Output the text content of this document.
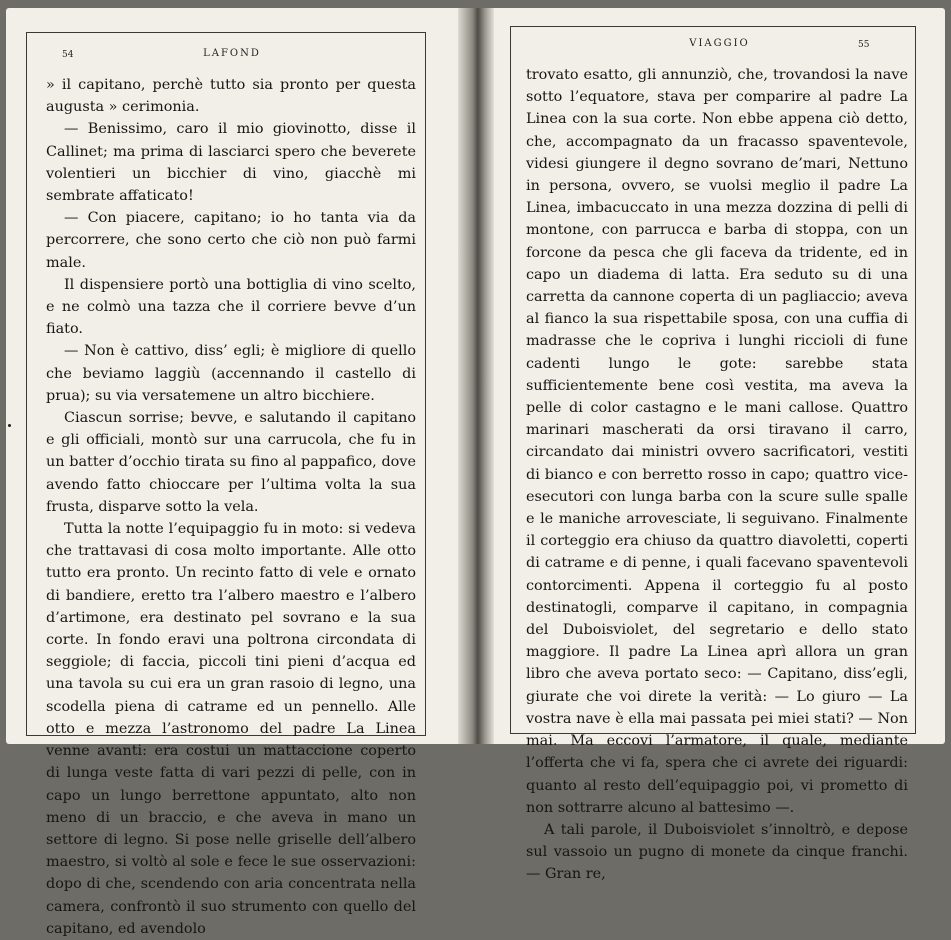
54	LAFOND

» il capitano, perchè tutto sia pronto per questa augusta » cerimonia.

— Benissimo, caro il mio giovinotto, disse il Callinet; ma prima di lasciarci spero che beverete volentieri un bicchier di vino, giacchè mi sembrate affaticato!

— Con piacere, capitano; io ho tanta via da percorrere, che sono certo che ciò non può farmi male.

Il dispensiere portò una bottiglia di vino scelto, e ne colmò una tazza che il corriere bevve d’un fiato.

— Non è cattivo, diss’ egli; è migliore di quello che beviamo laggiù (accennando il castello di prua); su via versatemene un altro bicchiere.

Ciascun sorrise; bevve, e salutando il capitano e gli officiali, montò sur una carrucola, che fu in un batter d’occhio tirata su fino al pappafico, dove avendo fatto chioccare per l’ultima volta la sua frusta, disparve sotto la vela.

Tutta la notte l’equipaggio fu in moto: si vedeva che trattavasi di cosa molto importante. Alle otto tutto era pronto. Un recinto fatto di vele e ornato di bandiere, eretto tra l’albero maestro e l’albero d’artimone, era destinato pel sovrano e la sua corte. In fondo eravi una poltrona circondata di seggiole; di faccia, piccoli tini pieni d’acqua ed una tavola su cui era un gran rasoio di legno, una scodella piena di catrame ed un pennello. Alle otto e mezza l’astronomo del padre La Linea venne avanti: era costui un mattaccione coperto di lunga veste fatta di vari pezzi di pelle, con in capo un lungo berrettone appuntato, alto non meno di un braccio, e che aveva in mano un settore di legno. Si pose nelle griselle dell’albero maestro, si voltò al sole e fece le sue osservazioni: dopo di che, scendendo con aria concentrata nella camera, confrontò il suo strumento con quello del capitano, ed avendolo

VIAGGIO	55

trovato esatto, gli annunziò, che, trovandosi la nave sotto l’equatore, stava per comparire al padre La Linea con la sua corte. Non ebbe appena ciò detto, che, accompagnato da un fracasso spaventevole, videsi giungere il degno sovrano de’mari, Nettuno in persona, ovvero, se vuolsi meglio il padre La Linea, imbacuccato in una mezza dozzina di pelli di montone, con parrucca e barba di stoppa, con un forcone da pesca che gli faceva da tridente, ed in capo un diadema di latta. Era seduto su di una carretta da cannone coperta di un pagliaccio; aveva al fianco la sua rispettabile sposa, con una cuffia di madrasse che le copriva i lunghi riccioli di fune cadenti lungo le gote: sarebbe stata sufficientemente bene così vestita, ma aveva la pelle di color castagno e le mani callose. Quattro marinari mascherati da orsi tiravano il carro, circandato dai ministri ovvero sacrificatori, vestiti di bianco e con berretto rosso in capo; quattro vice-esecutori con lunga barba con la scure sulle spalle e le maniche arrovesciate, li seguivano. Finalmente il corteggio era chiuso da quattro diavoletti, coperti di catrame e di penne, i quali facevano spaventevoli contorcimenti. Appena il corteggio fu al posto destinatogli, comparve il capitano, in compagnia del Duboisviolet, del segretario e dello stato maggiore. Il padre La Linea aprì allora un gran libro che aveva portato seco: — Capitano, diss’egli, giurate che voi direte la verità: — Lo giuro — La vostra nave è ella mai passata pei miei stati? — Non mai. Ma eccovi l’armatore, il quale, mediante l’offerta che vi fa, spera che ci avrete dei riguardi: quanto al resto dell’equipaggio poi, vi prometto di non sottrarre alcuno al battesimo —.

A tali parole, il Duboisviolet s’innoltrò, e depose sul vassoio un pugno di monete da cinque franchi. — Gran re,
